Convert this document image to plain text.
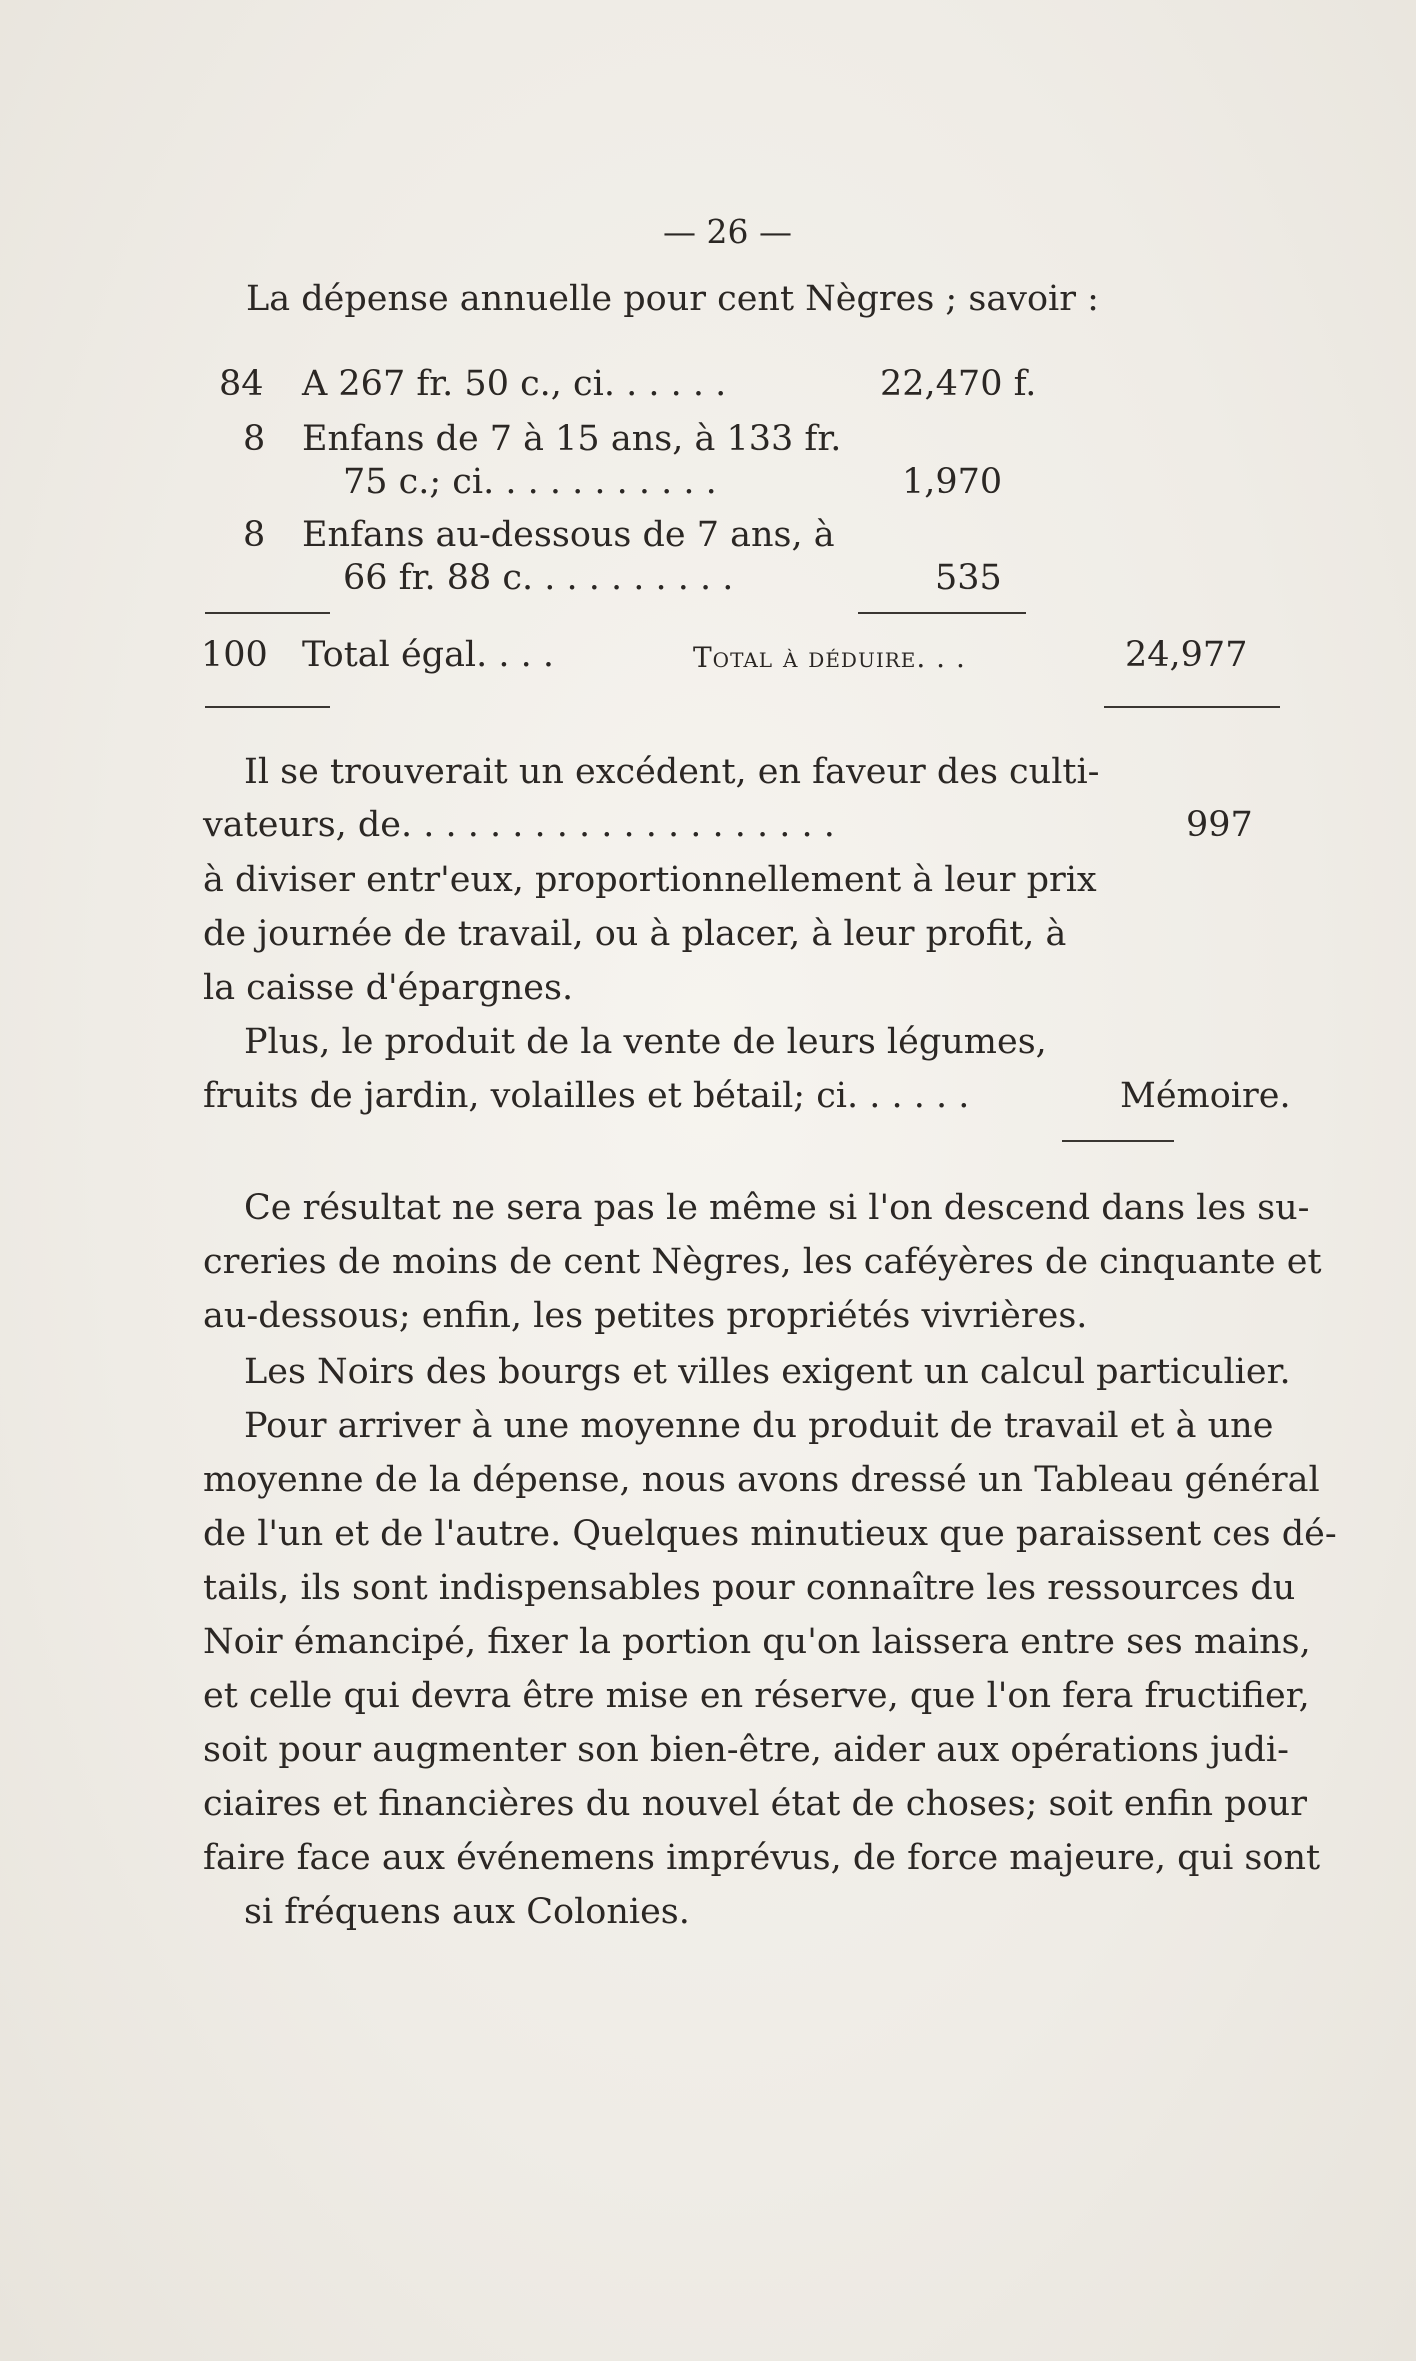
— 26 —
La dépense annuelle pour cent Nègres ; savoir :
84 A 267 fr. 50 c., ci. . . . . .	22,470 f.
8 Enfans de 7 à 15 ans, à 133 fr.
75 c.; ci. . . . . . . . . . .	1,970
8 Enfans au-dessous de 7 ans, à
66 fr. 88 c. . . . . . . . . .	535
100 Total égal. . . .	Total à déduire. . .	24,977
Il se trouverait un excédent, en faveur des culti-
vateurs, de. . . . . . . . . . . . . . . . . . . .	997
à diviser entr'eux, proportionnellement à leur prix
de journée de travail, ou à placer, à leur profit, à
la caisse d'épargnes.
Plus, le produit de la vente de leurs légumes,
fruits de jardin, volailles et bétail; ci. . . . . .	Mémoire.
Ce résultat ne sera pas le même si l'on descend dans les su-
creries de moins de cent Nègres, les caféyères de cinquante et
au-dessous; enfin, les petites propriétés vivrières.
Les Noirs des bourgs et villes exigent un calcul particulier.
Pour arriver à une moyenne du produit de travail et à une
moyenne de la dépense, nous avons dressé un Tableau général
de l'un et de l'autre. Quelques minutieux que paraissent ces dé-
tails, ils sont indispensables pour connaître les ressources du
Noir émancipé, fixer la portion qu'on laissera entre ses mains,
et celle qui devra être mise en réserve, que l'on fera fructifier,
soit pour augmenter son bien-être, aider aux opérations judi-
ciaires et financières du nouvel état de choses; soit enfin pour
faire face aux événemens imprévus, de force majeure, qui sont
si fréquens aux Colonies.
